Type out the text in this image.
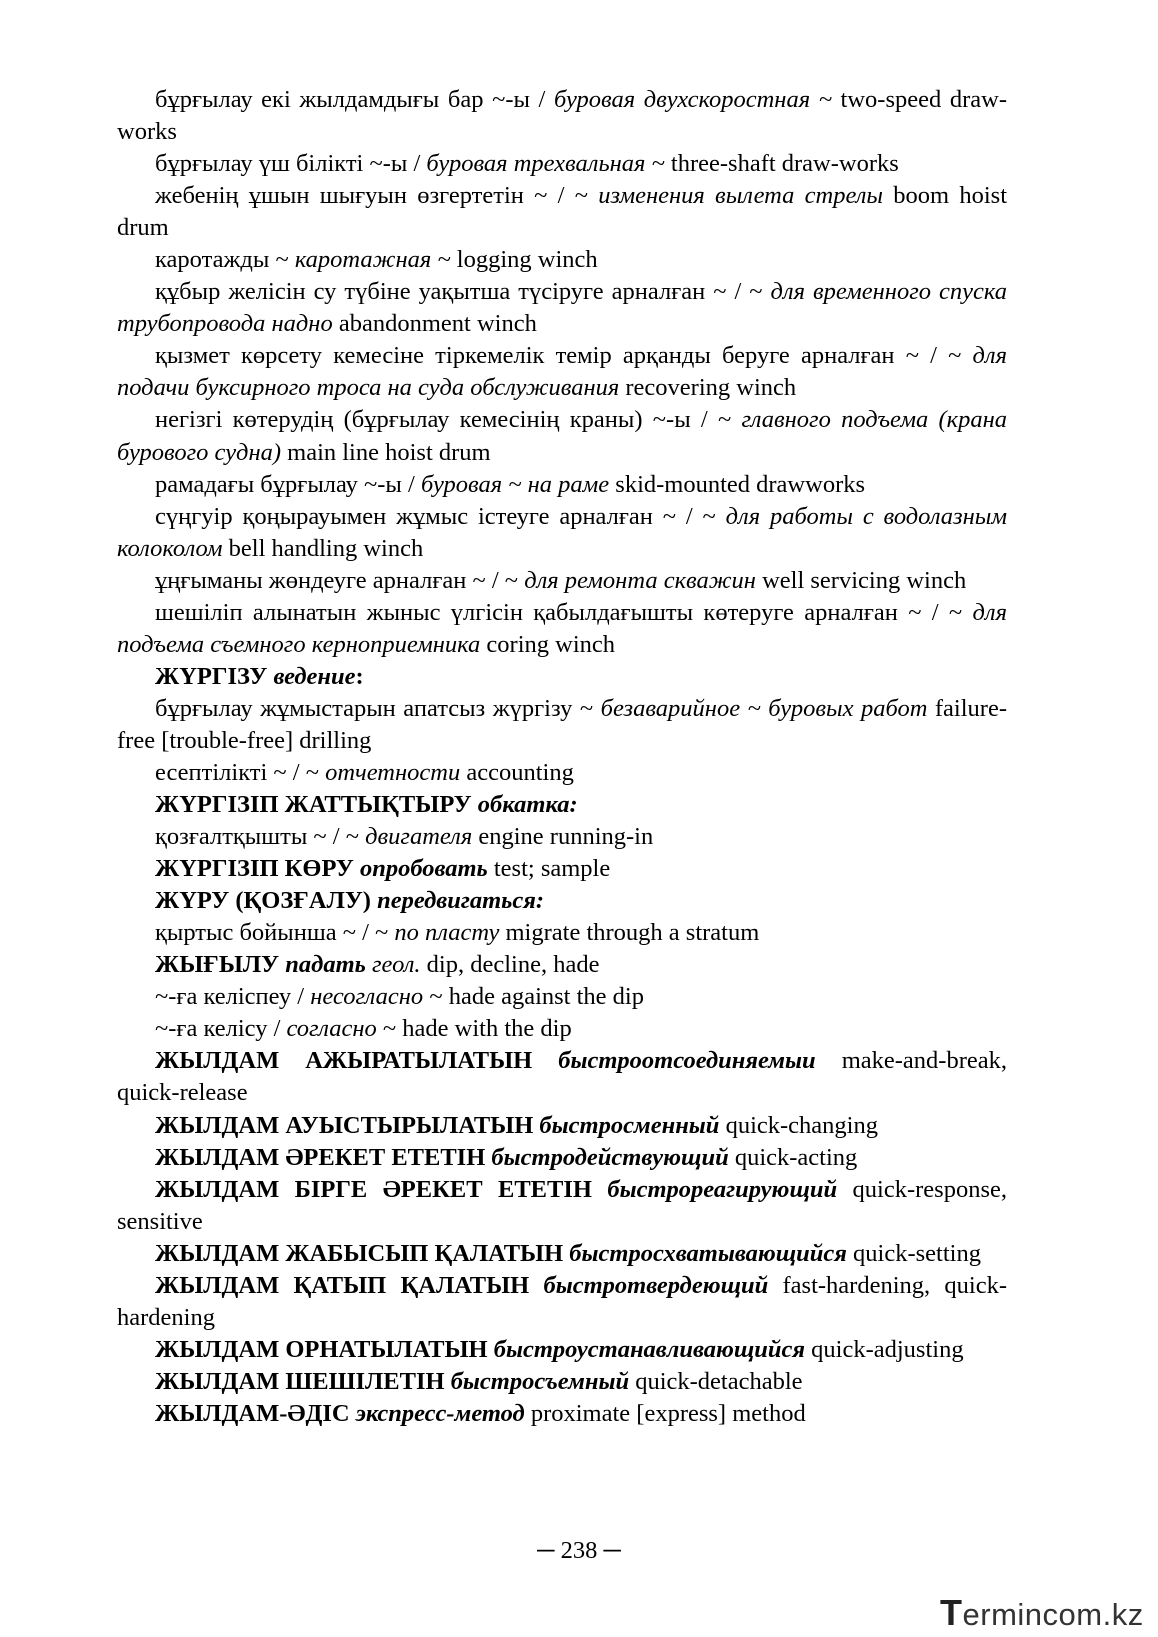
бұрғылау екі жылдамдығы бар ~-ы / буровая двухскоростная ~ two-speed draw-works

бұрғылау үш білікті ~-ы / буровая трехвальная ~ three-shaft draw-works

жебенің ұшын шығуын өзгертетін ~ / ~ изменения вылета стрелы boom hoist drum

каротажды ~ каротажная ~ logging winch

құбыр желісін су түбіне уақытша түсіруге арналған ~ / ~ для временного спуска трубопровода надно abandonment winch

қызмет көрсету кемесіне тіркемелік темір арқанды беруге арналған ~ / ~ для подачи буксирного троса на суда обслуживания recovering winch

негізгі көтерудің (бұрғылау кемесінің краны) ~-ы / ~ главного подъема (крана бурового судна) main line hoist drum

рамадағы бұрғылау ~-ы / буровая ~ на раме skid-mounted drawworks

сүңгуір қоңырауымен жұмыс істеуге арналған ~ / ~ для работы с водолазным колоколом bell handling winch

ұңғыманы жөндеуге арналған ~ / ~ для ремонта скважин well servicing winch

шешіліп алынатын жыныс үлгісін қабылдағышты көтеруге арналған ~ / ~ для подъема съемного керноприемника coring winch

ЖҮРГІЗУ ведение:

бұрғылау жұмыстарын апатсыз жүргізу ~ безаварийное ~ буровых работ failure-free [trouble-free] drilling

есептілікті ~ / ~ отчетности accounting

ЖҮРГІЗІП ЖАТТЫҚТЫРУ обкатка:

қозғалтқышты ~ / ~ двигателя engine running-in

ЖҮРГІЗІП КӨРУ опробовать test; sample

ЖҮРУ (ҚОЗҒАЛУ) передвигаться:

қыртыс бойынша ~ / ~ по пласту migrate through a stratum

ЖЫҒЫЛУ падать геол. dip, decline, hade

~-ға келіспеу / несогласно ~ hade against the dip

~-ға келісу / согласно ~ hade with the dip

ЖЫЛДАМ АЖЫРАТЫЛАТЫН быстроотсоединяемыи make-and-break, quick-release

ЖЫЛДАМ АУЫСТЫРЫЛАТЫН быстросменный quick-changing

ЖЫЛДАМ ӘРЕКЕТ ЕТЕТІН быстродействующий quick-acting

ЖЫЛДАМ БІРГЕ ӘРЕКЕТ ЕТЕТІН быстрореагирующий quick-response, sensitive

ЖЫЛДАМ ЖАБЫСЫП ҚАЛАТЫН быстросхватывающийся quick-setting

ЖЫЛДАМ ҚАТЫП ҚАЛАТЫН быстротвердеющий fast-hardening, quick-hardening

ЖЫЛДАМ ОРНАТЫЛАТЫН быстроустанавливающийся quick-adjusting

ЖЫЛДАМ ШЕШІЛЕТІН быстросъемный quick-detachable

ЖЫЛДАМ-ӘДІС экспресс-метод proximate [express] method

─ 238 ─
Termincom.kz
